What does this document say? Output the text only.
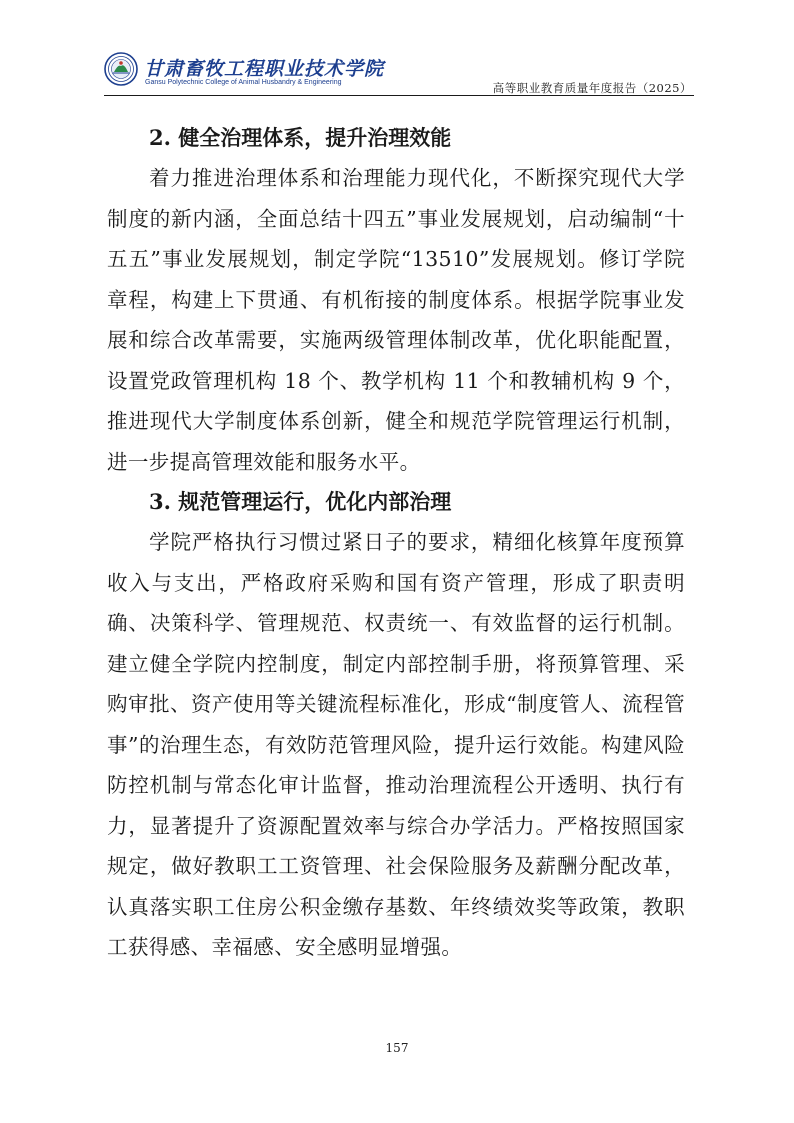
甘肃畜牧工程职业技术学院
Gansu Polytechnic College of Animal Husbandry & Engineering	高等职业教育质量年度报告（2025）
2. 健全治理体系，提升治理效能

着力推进治理体系和治理能力现代化，不断探究现代大学制度的新内涵，全面总结十四五”事业发展规划，启动编制“十五五”事业发展规划，制定学院“13510”发展规划。修订学院章程，构建上下贯通、有机衔接的制度体系。根据学院事业发展和综合改革需要，实施两级管理体制改革，优化职能配置，设置党政管理机构 18 个、教学机构 11 个和教辅机构 9 个，推进现代大学制度体系创新，健全和规范学院管理运行机制，进一步提高管理效能和服务水平。

3. 规范管理运行，优化内部治理

学院严格执行习惯过紧日子的要求，精细化核算年度预算收入与支出，严格政府采购和国有资产管理，形成了职责明确、决策科学、管理规范、权责统一、有效监督的运行机制。建立健全学院内控制度，制定内部控制手册，将预算管理、采购审批、资产使用等关键流程标准化，形成“制度管人、流程管事”的治理生态，有效防范管理风险，提升运行效能。构建风险防控机制与常态化审计监督，推动治理流程公开透明、执行有力，显著提升了资源配置效率与综合办学活力。严格按照国家规定，做好教职工工资管理、社会保险服务及薪酬分配改革，认真落实职工住房公积金缴存基数、年终绩效奖等政策，教职工获得感、幸福感、安全感明显增强。

157
